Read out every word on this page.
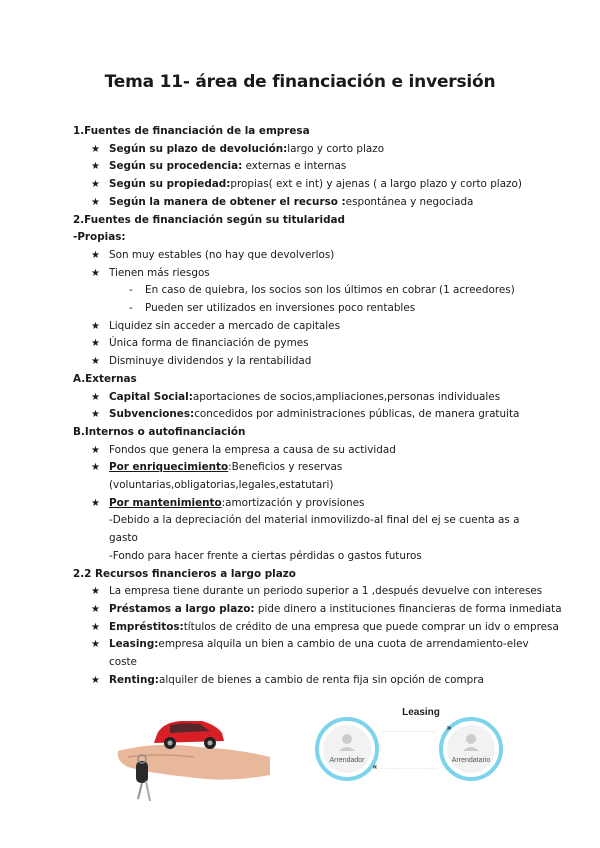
Tema 11- área de financiación e inversión
1.Fuentes de financiación de la empresa
★ Según su plazo de devolución:largo y corto plazo
★ Según su procedencia: externas e internas
★ Según su propiedad:propias( ext e int) y ajenas ( a largo plazo y corto plazo)
★ Según la manera de obtener el recurso :espontánea y negociada
2.Fuentes de financiación según su titularidad
-Propias:
★ Son muy estables (no hay que devolverlos)
★ Tienen más riesgos
- En caso de quiebra, los socios son los últimos en cobrar (1 acreedores)
- Pueden ser utilizados en inversiones poco rentables
★ Liquidez sin acceder a mercado de capitales
★ Única forma de financiación de pymes
★ Disminuye dividendos y la rentabilidad
A.Externas
★ Capital Social:aportaciones de socios,ampliaciones,personas individuales
★ Subvenciones:concedidos por administraciones públicas, de manera gratuita
B.Internos o autofinanciación
★ Fondos que genera la empresa a causa de su actividad
★ Por enriquecimiento:Beneficios y reservas
(voluntarias,obligatorias,legales,estatutari)
★ Por mantenimiento:amortización y provisiones
-Debido a la depreciación del material inmovilizdo-al final del ej se cuenta as a
gasto
-Fondo para hacer frente a ciertas pérdidas o gastos futuros
2.2 Recursos financieros a largo plazo
★ La empresa tiene durante un periodo superior a 1 ,después devuelve con intereses
★ Préstamos a largo plazo: pide dinero a instituciones financieras de forma inmediata
★ Empréstitos:títulos de crédito de una empresa que puede comprar un idv o empresa
★ Leasing:empresa alquila un bien a cambio de una cuota de arrendamiento-elev
coste
★ Renting:alquiler de bienes a cambio de renta fija sin opción de compra
Leasing
Arrendador	Arrendatario
→→→→→→→→→→→→→→→→ »
←←←←←←←←←←←←←←←←
«
